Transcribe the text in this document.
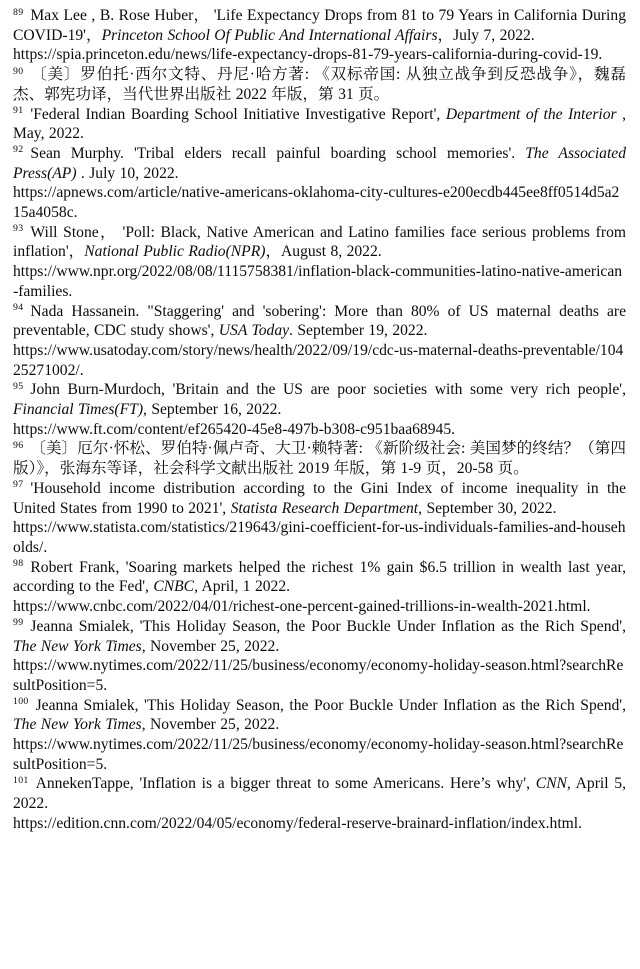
$^{89}$ Max Lee , B. Rose Huber， 'Life Expectancy Drops from 81 to 79 Years in California During COVID-19'，Princeton School Of Public And International Affairs，July 7, 2022.
https://spia.princeton.edu/news/life-expectancy-drops-81-79-years-california-during-covid-19.

$^{90}$ 〔美〕罗伯托·西尔文特、丹尼·哈方著: 《双标帝国: 从独立战争到反恐战争》，魏磊杰、郭宪功译，当代世界出版社 2022 年版，第 31 页。

$^{91}$ 'Federal Indian Boarding School Initiative Investigative Report', Department of the Interior , May, 2022.

$^{92}$ Sean Murphy. 'Tribal elders recall painful boarding school memories'. The Associated Press(AP) . July 10, 2022.
https://apnews.com/article/native-americans-oklahoma-city-cultures-e200ecdb445ee8ff0514d5a215a4058c.

$^{93}$ Will Stone， 'Poll: Black, Native American and Latino families face serious problems from inflation'，National Public Radio(NPR)，August 8, 2022.
https://www.npr.org/2022/08/08/1115758381/inflation-black-communities-latino-native-american-families.

$^{94}$ Nada Hassanein. "Staggering' and 'sobering': More than 80% of US maternal deaths are preventable, CDC study shows', USA Today. September 19, 2022.
https://www.usatoday.com/story/news/health/2022/09/19/cdc-us-maternal-deaths-preventable/10425271002/.

$^{95}$ John Burn-Murdoch, 'Britain and the US are poor societies with some very rich people', Financial Times(FT), September 16, 2022.
https://www.ft.com/content/ef265420-45e8-497b-b308-c951baa68945.

$^{96}$ 〔美〕厄尔·怀松、罗伯特·佩卢奇、大卫·赖特著: 《新阶级社会: 美国梦的终结？（第四版）》，张海东等译，社会科学文献出版社 2019 年版，第 1-9 页，20-58 页。

$^{97}$ 'Household income distribution according to the Gini Index of income inequality in the United States from 1990 to 2021', Statista Research Department, September 30, 2022.
https://www.statista.com/statistics/219643/gini-coefficient-for-us-individuals-families-and-households/.

$^{98}$ Robert Frank, 'Soaring markets helped the richest 1% gain $6.5 trillion in wealth last year, according to the Fed', CNBC, April, 1 2022.
https://www.cnbc.com/2022/04/01/richest-one-percent-gained-trillions-in-wealth-2021.html.

$^{99}$ Jeanna Smialek, 'This Holiday Season, the Poor Buckle Under Inflation as the Rich Spend', The New York Times, November 25, 2022.
https://www.nytimes.com/2022/11/25/business/economy/economy-holiday-season.html?searchResultPosition=5.

$^{100}$ Jeanna Smialek, 'This Holiday Season, the Poor Buckle Under Inflation as the Rich Spend', The New York Times, November 25, 2022.
https://www.nytimes.com/2022/11/25/business/economy/economy-holiday-season.html?searchResultPosition=5.

$^{101}$ AnnekenTappe, 'Inflation is a bigger threat to some Americans. Here’s why', CNN, April 5, 2022.
https://edition.cnn.com/2022/04/05/economy/federal-reserve-brainard-inflation/index.html.
